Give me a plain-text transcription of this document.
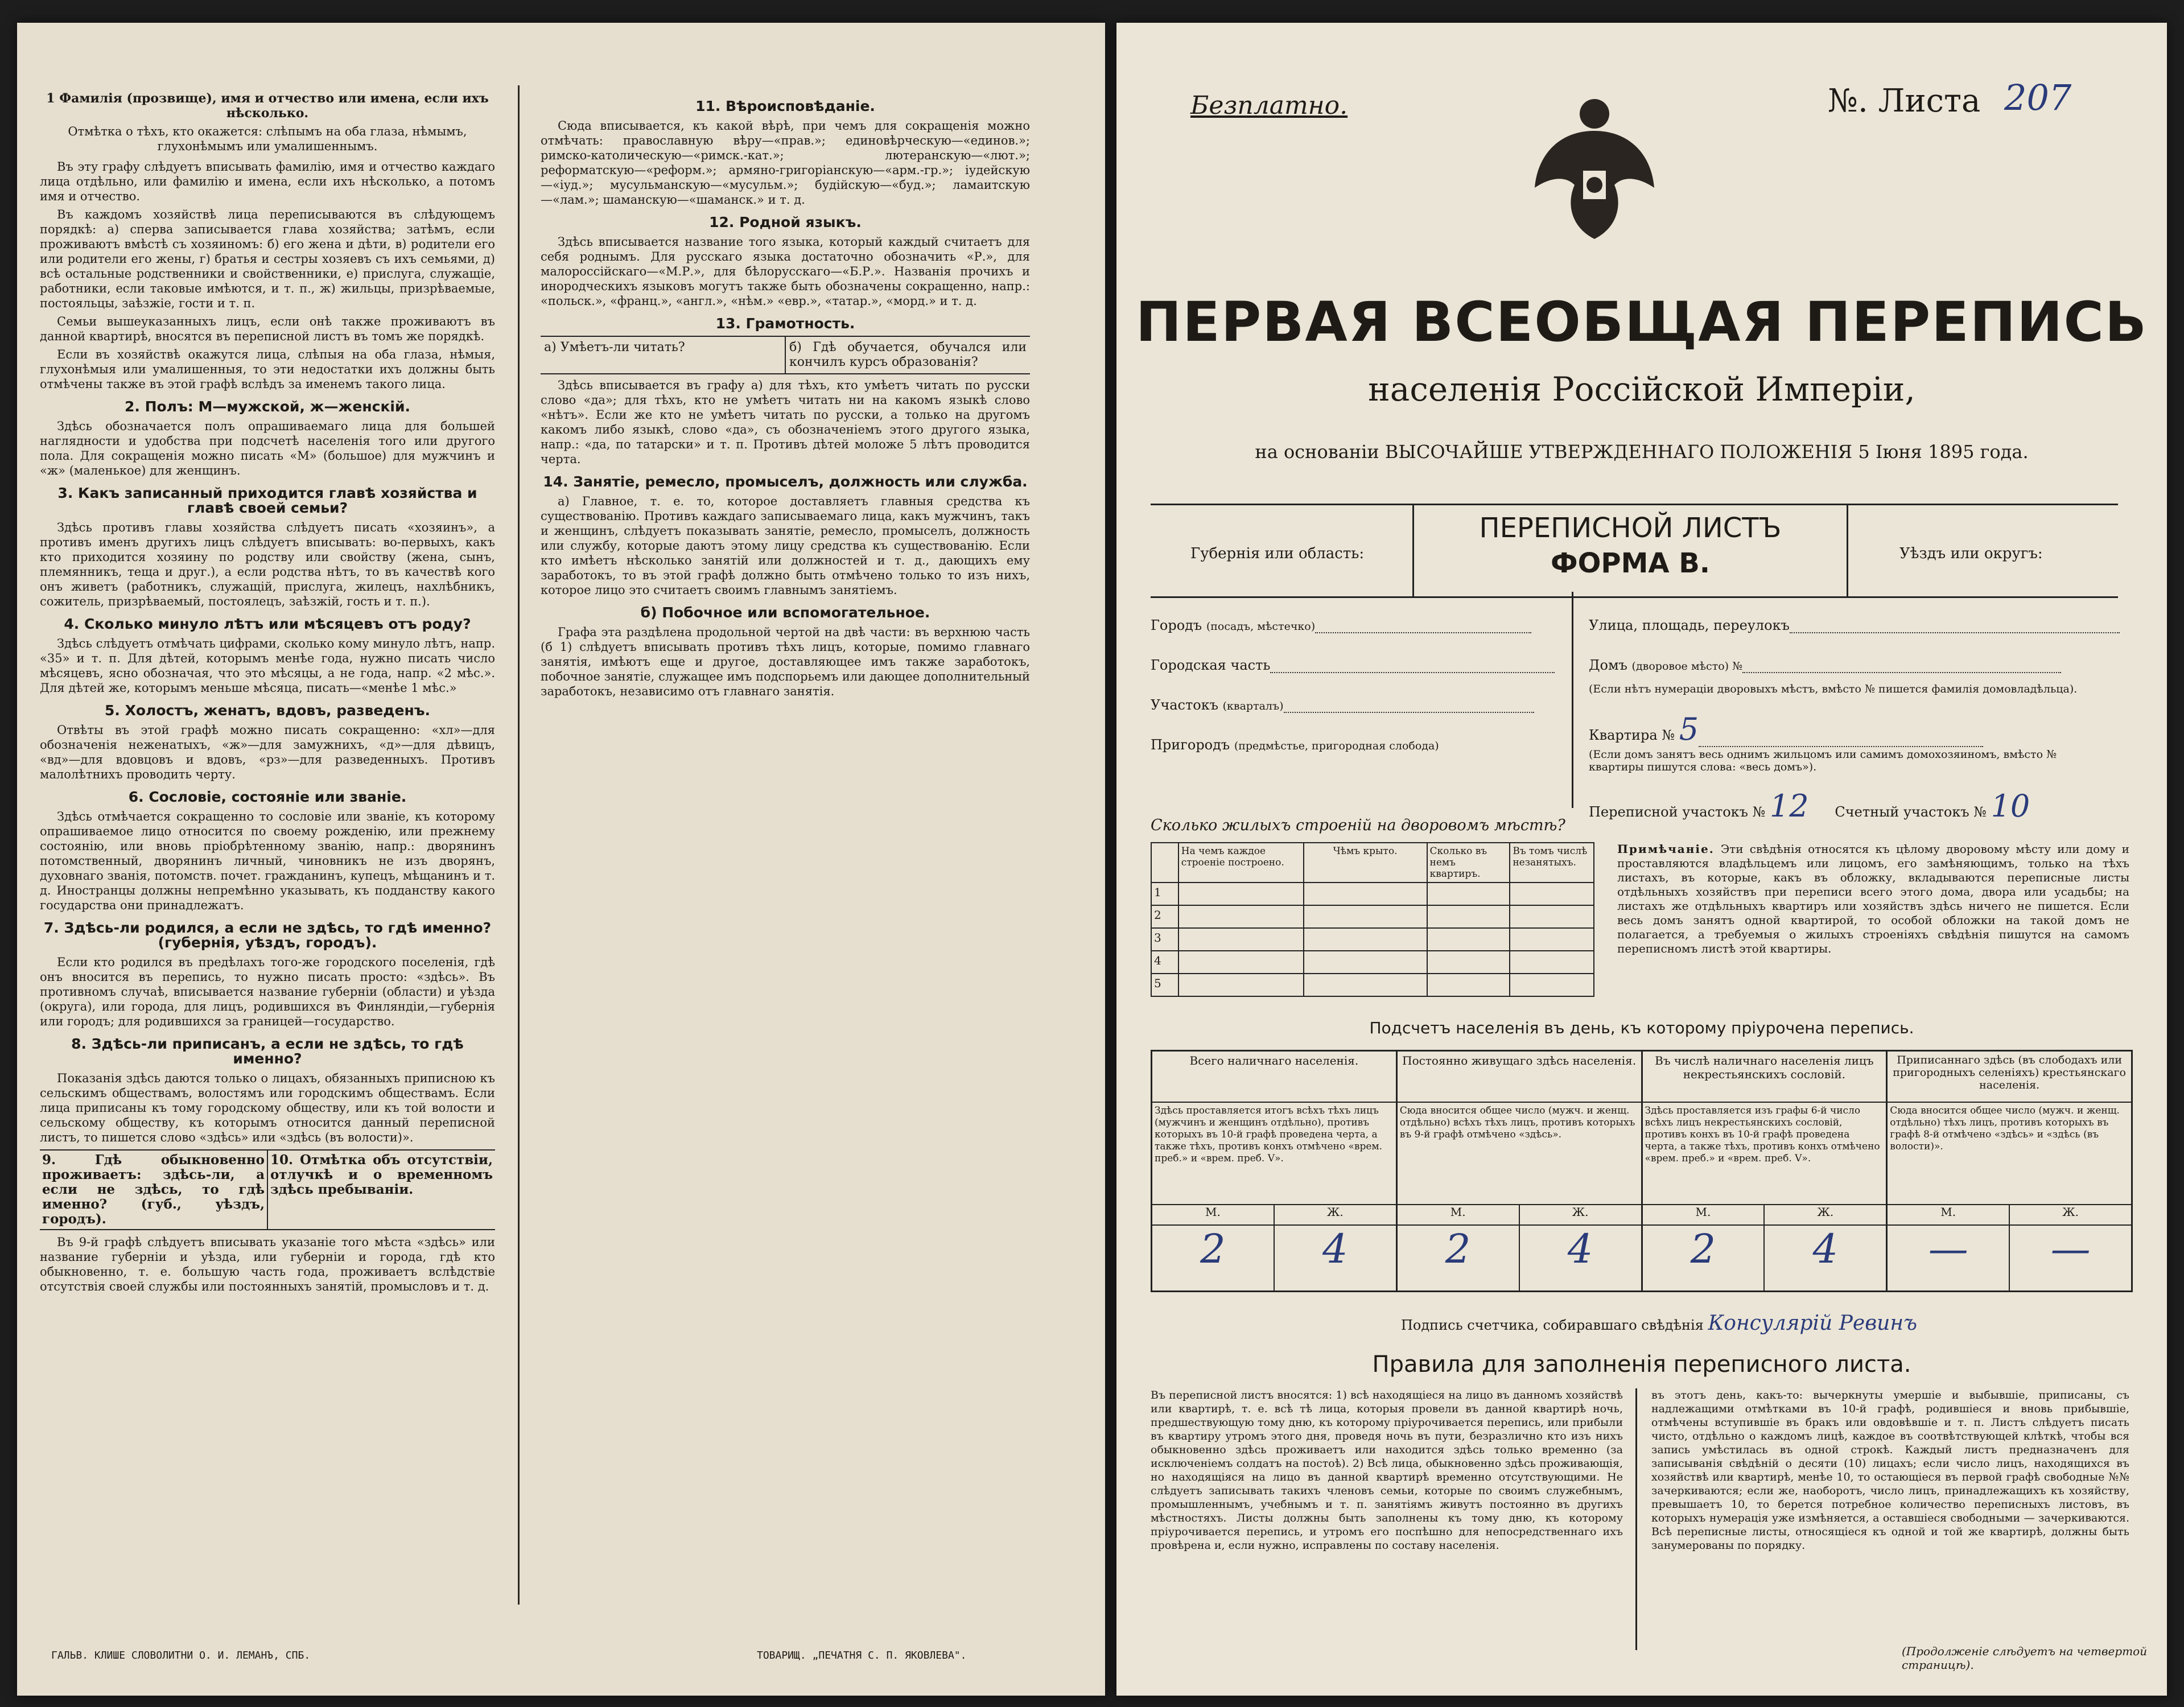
1 Фамилія (прозвище), имя и отчество или имена, если ихъ нѣсколько.
Отмѣтка о тѣхъ, кто окажется: слѣпымъ на оба глаза, нѣмымъ, глухонѣмымъ или умалишеннымъ.

Въ эту графу слѣдуетъ вписывать фамилію, имя и отчество каждаго лица отдѣльно, или фамилію и имена, если ихъ нѣсколько, а потомъ имя и отчество.

Въ каждомъ хозяйствѣ лица переписываются въ слѣдующемъ порядкѣ: а) сперва записывается глава хозяйства; затѣмъ, если проживаютъ вмѣстѣ съ хозяиномъ: б) его жена и дѣти, в) родители его или родители его жены, г) братья и сестры хозяевъ съ ихъ семьями, д) всѣ остальные родственники и свойственники, е) прислуга, служащіе, работники, если таковые имѣются, и т. п., ж) жильцы, призрѣваемые, постояльцы, заѣзжіе, гости и т. п.

Семьи вышеуказанныхъ лицъ, если онѣ также проживаютъ въ данной квартирѣ, вносятся въ переписной листъ въ томъ же порядкѣ.

Если въ хозяйствѣ окажутся лица, слѣпыя на оба глаза, нѣмыя, глухонѣмыя или умалишенныя, то эти недостатки ихъ должны быть отмѣчены также въ этой графѣ вслѣдъ за именемъ такого лица.

2. Полъ: М—мужской, ж—женскій.

Здѣсь обозначается полъ опрашиваемаго лица для большей наглядности и удобства при подсчетѣ населенія того или другого пола. Для сокращенія можно писать «М» (большое) для мужчинъ и «ж» (маленькое) для женщинъ.

3. Какъ записанный приходится главѣ хозяйства и главѣ своей семьи?

Здѣсь противъ главы хозяйства слѣдуетъ писать «хозяинъ», а противъ именъ другихъ лицъ слѣдуетъ вписывать: во-первыхъ, какъ кто приходится хозяину по родству или свойству (жена, сынъ, племянникъ, теща и друг.), а если родства нѣтъ, то въ качествѣ кого онъ живетъ (работникъ, служащій, прислуга, жилецъ, нахлѣбникъ, сожитель, призрѣваемый, постоялецъ, заѣзжій, гость и т. п.).

4. Сколько минуло лѣтъ или мѣсяцевъ отъ роду?

Здѣсь слѣдуетъ отмѣчать цифрами, сколько кому минуло лѣтъ, напр. «35» и т. п. Для дѣтей, которымъ менѣе года, нужно писать число мѣсяцевъ, ясно обозначая, что это мѣсяцы, а не года, напр. «2 мѣс.». Для дѣтей же, которымъ меньше мѣсяца, писать—«менѣе 1 мѣс.»

5. Холостъ, женатъ, вдовъ, разведенъ.

Отвѣты въ этой графѣ можно писать сокращенно: «хл»—для обозначенія неженатыхъ, «ж»—для замужнихъ, «д»—для дѣвицъ, «вд»—для вдовцовъ и вдовъ, «рз»—для разведенныхъ. Противъ малолѣтнихъ проводить черту.

6. Сословіе, состояніе или званіе.

Здѣсь отмѣчается сокращенно то сословіе или званіе, къ которому опрашиваемое лицо относится по своему рожденію, или прежнему состоянію, или вновь пріобрѣтенному званію, напр.: дворянинъ потомственный, дворянинъ личный, чиновникъ не изъ дворянъ, духовнаго званія, потомств. почет. гражданинъ, купецъ, мѣщанинъ и т. д. Иностранцы должны непремѣнно указывать, къ подданству какого государства они принадлежатъ.

7. Здѣсь-ли родился, а если не здѣсь, то гдѣ именно? (губернія, уѣздъ, городъ).

Если кто родился въ предѣлахъ того-же городского поселенія, гдѣ онъ вносится въ перепись, то нужно писать просто: «здѣсь». Въ противномъ случаѣ, вписывается название губерніи (области) и уѣзда (округа), или города, для лицъ, родившихся въ Финляндіи,—губернія или городъ; для родившихся за границей—государство.

8. Здѣсь-ли приписанъ, а если не здѣсь, то гдѣ именно?

Показанія здѣсь даются только о лицахъ, обязанныхъ приписною къ сельскимъ обществамъ, волостямъ или городскимъ обществамъ. Если лица приписаны къ тому городскому обществу, или къ той волости и сельскому обществу, къ которымъ относится данный переписной листъ, то пишется слово «здѣсь» или «здѣсь (въ волости)».

9. Гдѣ обыкновенно проживаетъ: здѣсь-ли, а если не здѣсь, то гдѣ именно? (губ., уѣздъ, городъ).
10. Отмѣтка объ отсутствіи, отлучкѣ и о временномъ здѣсь пребываніи.

Въ 9-й графѣ слѣдуетъ вписывать указаніе того мѣста «здѣсь» или название губерніи и уѣзда, или губерніи и города, гдѣ кто обыкновенно, т. е. большую часть года, проживаетъ вслѣдствіе отсутствія своей службы или постоянныхъ занятій, промысловъ и т. д.

11. Вѣроисповѣданіе.

Сюда вписывается, къ какой вѣрѣ, при чемъ для сокращенія можно отмѣчать: православную вѣру—«прав.»; единовѣрческую—«единов.»; римско-католическую—«римск.-кат.»; лютеранскую—«лют.»; реформатскую—«реформ.»; армяно-григоріанскую—«арм.-гр.»; іудейскую—«іуд.»; мусульманскую—«мусульм.»; будійскую—«буд.»; ламаитскую—«лам.»; шаманскую—«шаманск.» и т. д.

12. Родной языкъ.

Здѣсь вписывается название того языка, который каждый считаетъ для себя роднымъ. Для русскаго языка достаточно обозначить «Р.», для малороссійскаго—«М.Р.», для бѣлорусскаго—«Б.Р.». Названія прочихъ и инородческихъ языковъ могутъ также быть обозначены сокращенно, напр.: «польск.», «франц.», «англ.», «нѣм.» «евр.», «татар.», «морд.» и т. д.

13. Грамотность.
а) Умѣетъ-ли читать?	б) Гдѣ обучается, обучался или кончилъ курсъ образованія?

Здѣсь вписывается въ графу а) для тѣхъ, кто умѣетъ читать по русски слово «да»; для тѣхъ, кто не умѣетъ читать ни на какомъ языкѣ слово «нѣтъ». Если же кто не умѣетъ читать по русски, а только на другомъ какомъ либо языкѣ, слово «да», съ обозначеніемъ этого другого языка, напр.: «да, по татарски» и т. п. Противъ дѣтей моложе 5 лѣтъ проводится черта.

14. Занятіе, ремесло, промыселъ, должность или служба.

а) Главное, т. е. то, которое доставляетъ главныя средства къ существованію. Противъ каждаго записываемаго лица, какъ мужчинъ, такъ и женщинъ, слѣдуетъ показывать занятіе, ремесло, промыселъ, должность или службу, которые даютъ этому лицу средства къ существованію. Если кто имѣетъ нѣсколько занятій или должностей и т. д., дающихъ ему заработокъ, то въ этой графѣ должно быть отмѣчено только то изъ нихъ, которое лицо это считаетъ своимъ главнымъ занятіемъ.

б) Побочное или вспомогательное.

Графа эта раздѣлена продольной чертой на двѣ части: въ верхнюю часть (б 1) слѣдуетъ вписывать противъ тѣхъ лицъ, которые, помимо главнаго занятія, имѣютъ еще и другое, доставляющее имъ также заработокъ, побочное занятіе, служащее имъ подспорьемъ или дающее дополнительный заработокъ, независимо отъ главнаго занятія.

ГАЛЬВ. КЛИШЕ СЛОВОЛИТНИ О. И. ЛЕМАНЪ, СПБ.	ТОВАРИЩ. „ПЕЧАТНЯ С. П. ЯКОВЛЕВА".
Безплатно.	№. Листа 207
ПЕРВАЯ ВСЕОБЩАЯ ПЕРЕПИСЬ
населенія Россійской Имперіи,
на основаніи ВЫСОЧАЙШЕ УТВЕРЖДЕННАГО ПОЛОЖЕНІЯ 5 Іюня 1895 года.
Губернія или область:
ПЕРЕПИСНОЙ ЛИСТЪ
ФОРМА В.	Уѣздъ или округъ:
Городъ (посадъ, мѣстечко)
Городская часть
Участокъ (кварталъ)
Пригородъ (предмѣстье, пригородная слобода)
Улица, площадь, переулокъ
Домъ (дворовое мѣсто) №
(Если нѣтъ нумераціи дворовыхъ мѣстъ, вмѣсто № пишется фамилія домовладѣльца).
Квартира № 5
(Если домъ занятъ весь однимъ жильцомъ или самимъ домохозяиномъ, вмѣсто № квартиры пишутся слова: «весь домъ»).
Переписной участокъ № 12 Счетный участокъ № 10
Сколько жилыхъ строеній на дворовомъ мѣстѣ?
	На чемъ каждое строеніе построено.	Чѣмъ крыто.	Сколько въ немъ квартиръ.	Въ томъ числѣ незанятыхъ.
1				
2				
3				
4				
5				
Примѣчаніе. Эти свѣдѣнія относятся къ цѣлому дворовому мѣсту или дому и проставляются владѣльцемъ или лицомъ, его замѣняющимъ, только на тѣхъ листахъ, въ которые, какъ въ обложку, вкладываются переписные листы отдѣльныхъ хозяйствъ при переписи всего этого дома, двора или усадьбы; на листахъ же отдѣльныхъ квартиръ или хозяйствъ здѣсь ничего не пишется. Если весь домъ занятъ одной квартирой, то особой обложки на такой домъ не полагается, а требуемыя о жилыхъ строеніяхъ свѣдѣнія пишутся на самомъ переписномъ листѣ этой квартиры.
Подсчетъ населенія въ день, къ которому пріурочена перепись.
Всего наличнаго населенія.
Здѣсь проставляется итогъ всѣхъ тѣхъ лицъ (мужчинъ и женщинъ отдѣльно), противъ которыхъ въ 10-й графѣ проведена черта, а также тѣхъ, противъ конхъ отмѣчено «врем. преб.» и «врем. преб. V».
М.	Ж.
2	4
Постоянно живущаго здѣсь населенія.
Сюда вносится общее число (мужч. и женщ. отдѣльно) всѣхъ тѣхъ лицъ, противъ которыхъ въ 9-й графѣ отмѣчено «здѣсь».
М.	Ж.
2	4
Въ числѣ наличнаго населенія лицъ некрестьянскихъ сословій.
Здѣсь проставляется изъ графы 6-й число всѣхъ лицъ некрестьянскихъ сословій, противъ конхъ въ 10-й графѣ проведена черта, а также тѣхъ, противъ конхъ отмѣчено «врем. преб.» и «врем. преб. V».
М.	Ж.
2	4
Приписаннаго здѣсь (въ слободахъ или пригородныхъ селеніяхъ) крестьянскаго населенія.
Сюда вносится общее число (мужч. и женщ. отдѣльно) тѣхъ лицъ, противъ которыхъ въ графѣ 8-й отмѣчено «здѣсь» и «здѣсь (въ волости)».
М.	Ж.
—	—
Подпись счетчика, собиравшаго свѣдѣнія Консулярій Ревинъ
Правила для заполненія переписного листа.
Въ переписной листъ вносятся: 1) всѣ находящіеся на лицо въ данномъ хозяйствѣ или квартирѣ, т. е. всѣ тѣ лица, которыя провели въ данной квартирѣ ночь, предшествующую тому дню, къ которому пріурочивается перепись, или прибыли въ квартиру утромъ этого дня, проведя ночь въ пути, безразлично кто изъ нихъ обыкновенно здѣсь проживаетъ или находится здѣсь только временно (за исключеніемъ солдатъ на постоѣ). 2) Всѣ лица, обыкновенно здѣсь проживающія, но находящіяся на лицо въ данной квартирѣ временно отсутствующими. Не слѣдуетъ записывать такихъ членовъ семьи, которые по своимъ служебнымъ, промышленнымъ, учебнымъ и т. п. занятіямъ живутъ постоянно въ другихъ мѣстностяхъ. Листы должны быть заполнены къ тому дню, къ которому пріурочивается перепись, и утромъ его поспѣшно для непосредственнаго ихъ провѣрена и, если нужно, исправлены по составу населенія.
въ этотъ день, какъ-то: вычеркнуты умершіе и выбывшіе, приписаны, съ надлежащими отмѣтками въ 10-й графѣ, родившіеся и вновь прибывшіе, отмѣчены вступившіе въ бракъ или овдовѣвшіе и т. п. Листъ слѣдуетъ писать чисто, отдѣльно о каждомъ лицѣ, каждое въ соотвѣтствующей клѣткѣ, чтобы вся запись умѣстилась въ одной строкѣ. Каждый листъ предназначенъ для записыванія свѣдѣній о десяти (10) лицахъ; если число лицъ, находящихся въ хозяйствѣ или квартирѣ, менѣе 10, то остающіеся въ первой графѣ свободные №№ зачеркиваются; если же, наоборотъ, число лицъ, принадлежащихъ къ хозяйству, превышаетъ 10, то берется потребное количество переписныхъ листовъ, въ которыхъ нумерація уже измѣняется, а оставшіеся свободными — зачеркиваются. Всѣ переписные листы, относящіеся къ одной и той же квартирѣ, должны быть занумерованы по порядку.
(Продолженіе слѣдуетъ на четвертой страницѣ).
